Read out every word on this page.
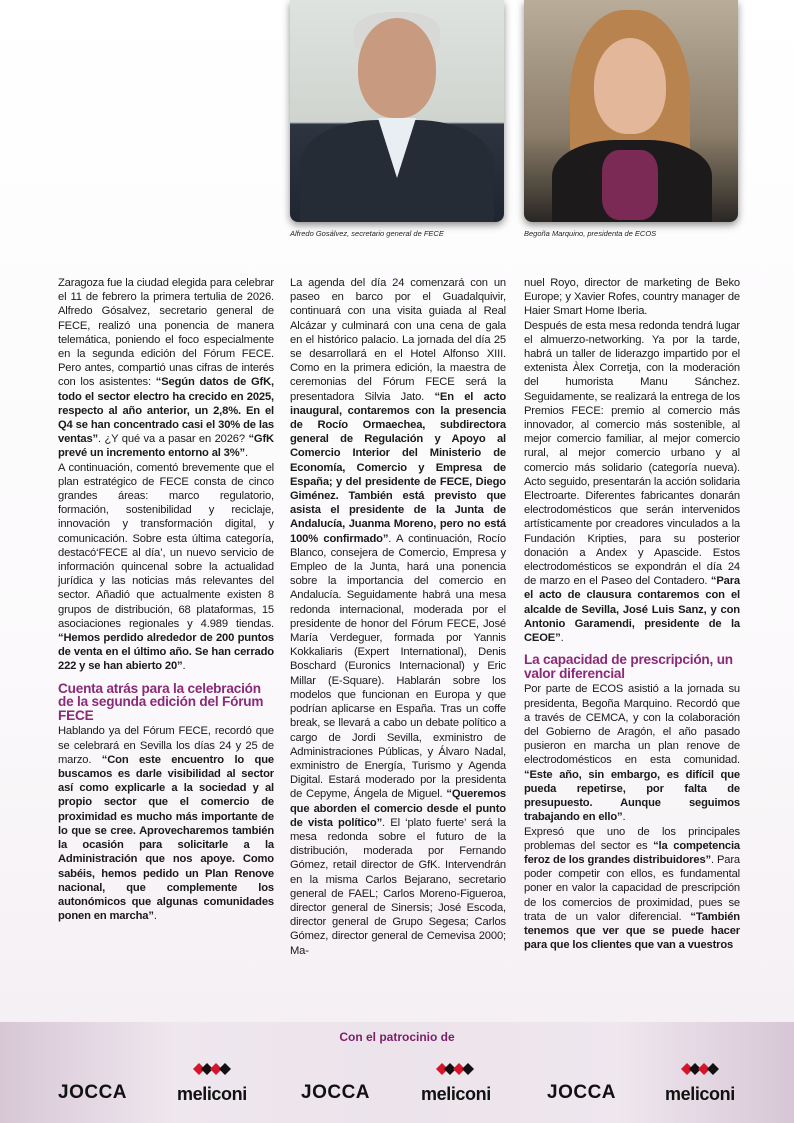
Alfredo Gosálvez, secretario general de FECE	Begoña Marquino, presidenta de ECOS

Zaragoza fue la ciudad elegida para celebrar el 11 de febrero la primera tertulia de 2026. Alfredo Gósalvez, secretario general de FECE, realizó una ponencia de manera telemática, poniendo el foco especialmente en la segunda edición del Fórum FECE. Pero antes, compartió unas cifras de interés con los asistentes: “Según datos de GfK, todo el sector electro ha crecido en 2025, respecto al año anterior, un 2,8%. En el Q4 se han concentrado casi el 30% de las ventas”. ¿Y qué va a pasar en 2026? “GfK prevé un incremento entorno al 3%”.

A continuación, comentó brevemente que el plan estratégico de FECE consta de cinco grandes áreas: marco regulatorio, formación, sostenibilidad y reciclaje, innovación y transformación digital, y comunicación. Sobre esta última categoría, destacó‘FECE al día’, un nuevo servicio de información quincenal sobre la actualidad jurídica y las noticias más relevantes del sector. Añadió que actualmente existen 8 grupos de distribución, 68 plataformas, 15 asociaciones regionales y 4.989 tiendas. “Hemos perdido alrededor de 200 puntos de venta en el último año. Se han cerrado 222 y se han abierto 20”.

Cuenta atrás para la celebración de la segunda edición del Fórum FECE

Hablando ya del Fórum FECE, recordó que se celebrará en Sevilla los días 24 y 25 de marzo. “Con este encuentro lo que buscamos es darle visibilidad al sector así como explicarle a la sociedad y al propio sector que el comercio de proximidad es mucho más importante de lo que se cree. Aprovecharemos también la ocasión para solicitarle a la Administración que nos apoye. Como sabéis, hemos pedido un Plan Renove nacional, que complemente los autonómicos que algunas comunidades ponen en marcha”.

La agenda del día 24 comenzará con un paseo en barco por el Guadalquivir, continuará con una visita guiada al Real Alcázar y culminará con una cena de gala en el histórico palacio. La jornada del día 25 se desarrollará en el Hotel Alfonso XIII. Como en la primera edición, la maestra de ceremonias del Fórum FECE será la presentadora Silvia Jato. “En el acto inaugural, contaremos con la presencia de Rocío Ormaechea, subdirectora general de Regulación y Apoyo al Comercio Interior del Ministerio de Economía, Comercio y Empresa de España; y del presidente de FECE, Diego Giménez. También está previsto que asista el presidente de la Junta de Andalucía, Juanma Moreno, pero no está 100% confirmado”. A continuación, Rocío Blanco, consejera de Comercio, Empresa y Empleo de la Junta, hará una ponencia sobre la importancia del comercio en Andalucía. Seguidamente habrá una mesa redonda internacional, moderada por el presidente de honor del Fórum FECE, José María Verdeguer, formada por Yannis Kokkaliaris (Expert International), Denis Boschard (Euronics Internacional) y Eric Millar (E-Square). Hablarán sobre los modelos que funcionan en Europa y que podrían aplicarse en España. Tras un coffe break, se llevará a cabo un debate político a cargo de Jordi Sevilla, exministro de Administraciones Públicas, y Álvaro Nadal, exministro de Energía, Turismo y Agenda Digital. Estará moderado por la presidenta de Cepyme, Ángela de Miguel. “Queremos que aborden el comercio desde el punto de vista político”. El ‘plato fuerte’ será la mesa redonda sobre el futuro de la distribución, moderada por Fernando Gómez, retail director de GfK. Intervendrán en la misma Carlos Bejarano, secretario general de FAEL; Carlos Moreno-Figueroa, director general de Sinersis; José Escoda, director general de Grupo Segesa; Carlos Gómez, director general de Cemevisa 2000; Ma-

nuel Royo, director de marketing de Beko Europe; y Xavier Rofes, country manager de Haier Smart Home Iberia.

Después de esta mesa redonda tendrá lugar el almuerzo-networking. Ya por la tarde, habrá un taller de liderazgo impartido por el extenista Àlex Corretja, con la moderación del humorista Manu Sánchez. Seguidamente, se realizará la entrega de los Premios FECE: premio al comercio más innovador, al comercio más sostenible, al mejor comercio familiar, al mejor comercio rural, al mejor comercio urbano y al comercio más solidario (categoría nueva). Acto seguido, presentarán la acción solidaria Electroarte. Diferentes fabricantes donarán electrodomésticos que serán intervenidos artísticamente por creadores vinculados a la Fundación Kripties, para su posterior donación a Andex y Apascide. Estos electrodomésticos se expondrán el día 24 de marzo en el Paseo del Contadero. “Para el acto de clausura contaremos con el alcalde de Sevilla, José Luis Sanz, y con Antonio Garamendi, presidente de la CEOE”.

La capacidad de prescripción, un valor diferencial

Por parte de ECOS asistió a la jornada su presidenta, Begoña Marquino. Recordó que a través de CEMCA, y con la colaboración del Gobierno de Aragón, el año pasado pusieron en marcha un plan renove de electrodomésticos en esta comunidad. “Este año, sin embargo, es difícil que pueda repetirse, por falta de presupuesto. Aunque seguimos trabajando en ello”.

Expresó que uno de los principales problemas del sector es “la competencia feroz de los grandes distribuidores”. Para poder competir con ellos, es fundamental poner en valor la capacidad de prescripción de los comercios de proximidad, pues se trata de un valor diferencial. “También tenemos que ver que se puede hacer para que los clientes que van a vuestros

Con el patrocinio de
JOCCA	meliconi	JOCCA	meliconi	JOCCA	meliconi
